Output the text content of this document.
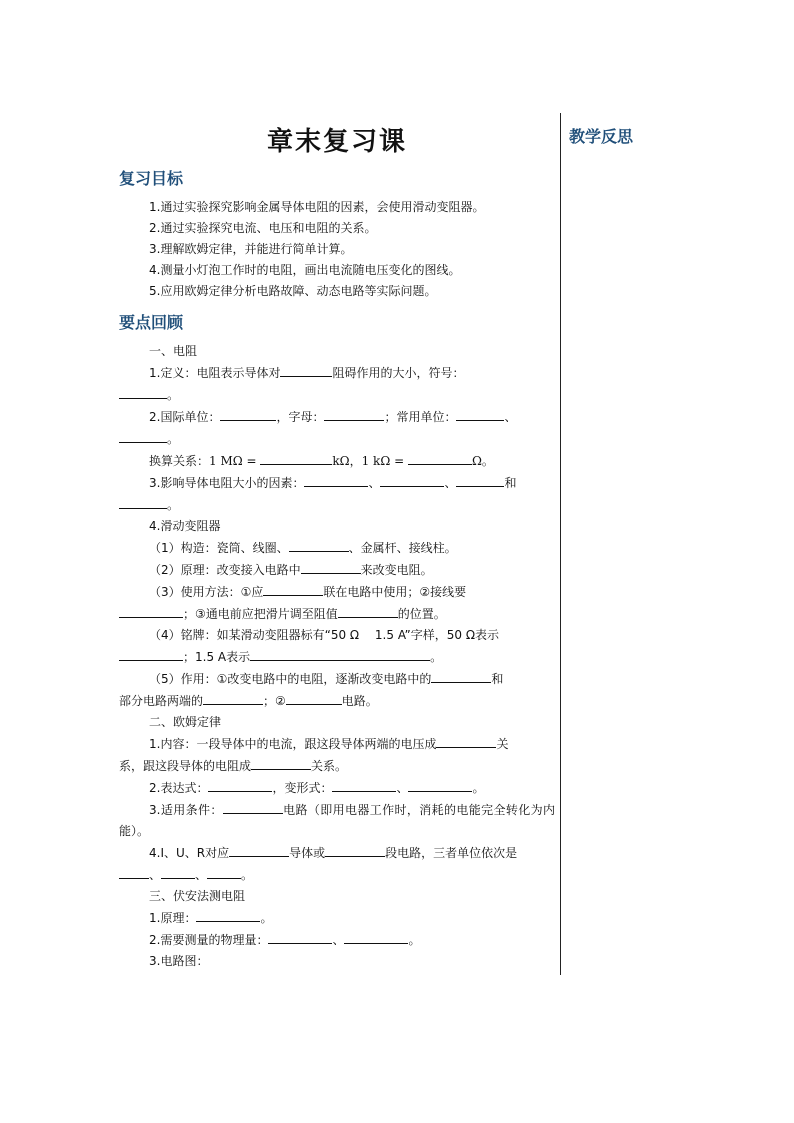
教学反思
章末复习课
复习目标

1.通过实验探究影响金属导体电阻的因素，会使用滑动变阻器。

2.通过实验探究电流、电压和电阻的关系。

3.理解欧姆定律，并能进行简单计算。

4.测量小灯泡工作时的电阻，画出电流随电压变化的图线。

5.应用欧姆定律分析电路故障、动态电路等实际问题。

要点回顾

一、电阻

1.定义：电阻表示导体对	阻碍作用的大小，符号：

。

2.国际单位：	，字母：	；常用单位：	、

。

换算关系：1 MΩ =	kΩ，1 kΩ =	Ω。

3.影响导体电阻大小的因素：	、	、	和

。

4.滑动变阻器

（1）构造：瓷筒、线圈、	、金属杆、接线柱。

（2）原理：改变接入电路中	来改变电阻。

（3）使用方法：①应	联在电路中使用；②接线要

；③通电前应把滑片调至阻值	的位置。

（4）铭牌：如某滑动变阻器标有“50 Ω　 1.5 A”字样，50 Ω表示

；1.5 A表示	。

（5）作用：①改变电路中的电阻，逐渐改变电路中的	和

部分电路两端的	；②	电路。

二、欧姆定律

1.内容：一段导体中的电流，跟这段导体两端的电压成	关

系，跟这段导体的电阻成	关系。

2.表达式：	，变形式：	、	。

3.适用条件：	电路（即用电器工作时，消耗的电能完全转化为内能）。

4.I、U、R对应	导体或	段电路，三者单位依次是

、	、	。

三、伏安法测电阻

1.原理：	。

2.需要测量的物理量：	、	。

3.电路图：
